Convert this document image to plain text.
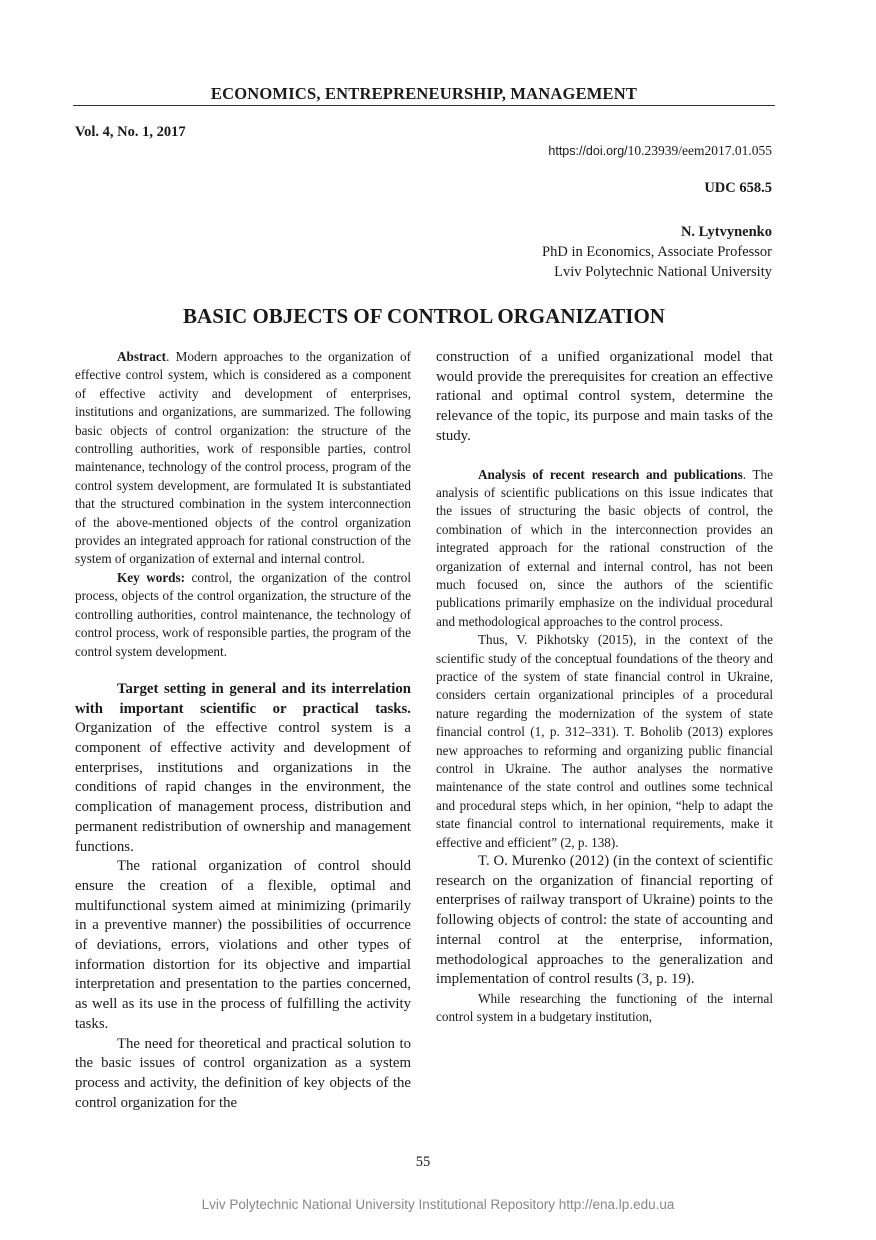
ECONOMICS, ENTREPRENEURSHIP, MANAGEMENT
Vol. 4, No. 1, 2017
https://doi.org/10.23939/eem2017.01.055
UDC 658.5
N. Lytvynenko
PhD in Economics, Associate Professor
Lviv Polytechnic National University
BASIC OBJECTS OF CONTROL ORGANIZATION

Abstract. Modern approaches to the organization of effective control system, which is considered as a component of effective activity and development of enterprises, institutions and organizations, are summarized. The following basic objects of control organization: the structure of the controlling authorities, work of responsible parties, control maintenance, technology of the control process, program of the control system development, are formulated It is substantiated that the structured combination in the system interconnection of the above-mentioned objects of the control organization provides an integrated approach for rational construction of the system of organization of external and internal control.

Key words: control, the organization of the control process, objects of the control organization, the structure of the controlling authorities, control maintenance, the technology of control process, work of responsible parties, the program of the control system development.

Target setting in general and its interrelation with important scientific or practical tasks. Organization of the effective control system is a component of effective activity and development of enterprises, institutions and organizations in the conditions of rapid changes in the environment, the complication of management process, distribution and permanent redistribution of ownership and management functions.

The rational organization of control should ensure the creation of a flexible, optimal and multifunctional system aimed at minimizing (primarily in a preventive manner) the possibilities of occurrence of deviations, errors, violations and other types of information distortion for its objective and impartial interpretation and presentation to the parties concerned, as well as its use in the process of fulfilling the activity tasks.

The need for theoretical and practical solution to the basic issues of control organization as a system process and activity, the definition of key objects of the control organization for the

construction of a unified organizational model that would provide the prerequisites for creation an effective rational and optimal control system, determine the relevance of the topic, its purpose and main tasks of the study.

Analysis of recent research and publications. The analysis of scientific publications on this issue indicates that the issues of structuring the basic objects of control, the combination of which in the interconnection provides an integrated approach for the rational construction of the organization of external and internal control, has not been much focused on, since the authors of the scientific publications primarily emphasize on the individual procedural and methodological approaches to the control process.

Thus, V. Pikhotsky (2015), in the context of the scientific study of the conceptual foundations of the theory and practice of the system of state financial control in Ukraine, considers certain organizational principles of a procedural nature regarding the modernization of the system of state financial control (1, p. 312–331). T. Boholib (2013) explores new approaches to reforming and organizing public financial control in Ukraine. The author analyses the normative maintenance of the state control and outlines some technical and procedural steps which, in her opinion, “help to adapt the state financial control to international requirements, make it effective and efficient” (2, p. 138).

T. O. Murenko (2012) (in the context of scientific research on the organization of financial reporting of enterprises of railway transport of Ukraine) points to the following objects of control: the state of accounting and internal control at the enterprise, information, methodological approaches to the generalization and implementation of control results (3, p. 19).

While researching the functioning of the internal control system in a budgetary institution,

55
Lviv Polytechnic National University Institutional Repository http://ena.lp.edu.ua
